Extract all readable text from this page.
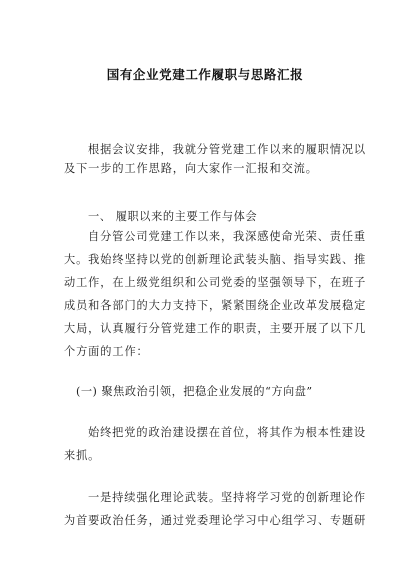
国有企业党建工作履职与思路汇报
根据会议安排，我就分管党建工作以来的履职情况以
及下一步的工作思路，向大家作一汇报和交流。
一、 履职以来的主要工作与体会
自分管公司党建工作以来，我深感使命光荣、责任重
大。我始终坚持以党的创新理论武装头脑、指导实践、推
动工作，在上级党组织和公司党委的坚强领导下，在班子
成员和各部门的大力支持下，紧紧围绕企业改革发展稳定
大局，认真履行分管党建工作的职责，主要开展了以下几
个方面的工作：
(一) 聚焦政治引领，把稳企业发展的“方向盘”
始终把党的政治建设摆在首位，将其作为根本性建设
来抓。
一是持续强化理论武装。坚持将学习党的创新理论作
为首要政治任务，通过党委理论学习中心组学习、专题研
